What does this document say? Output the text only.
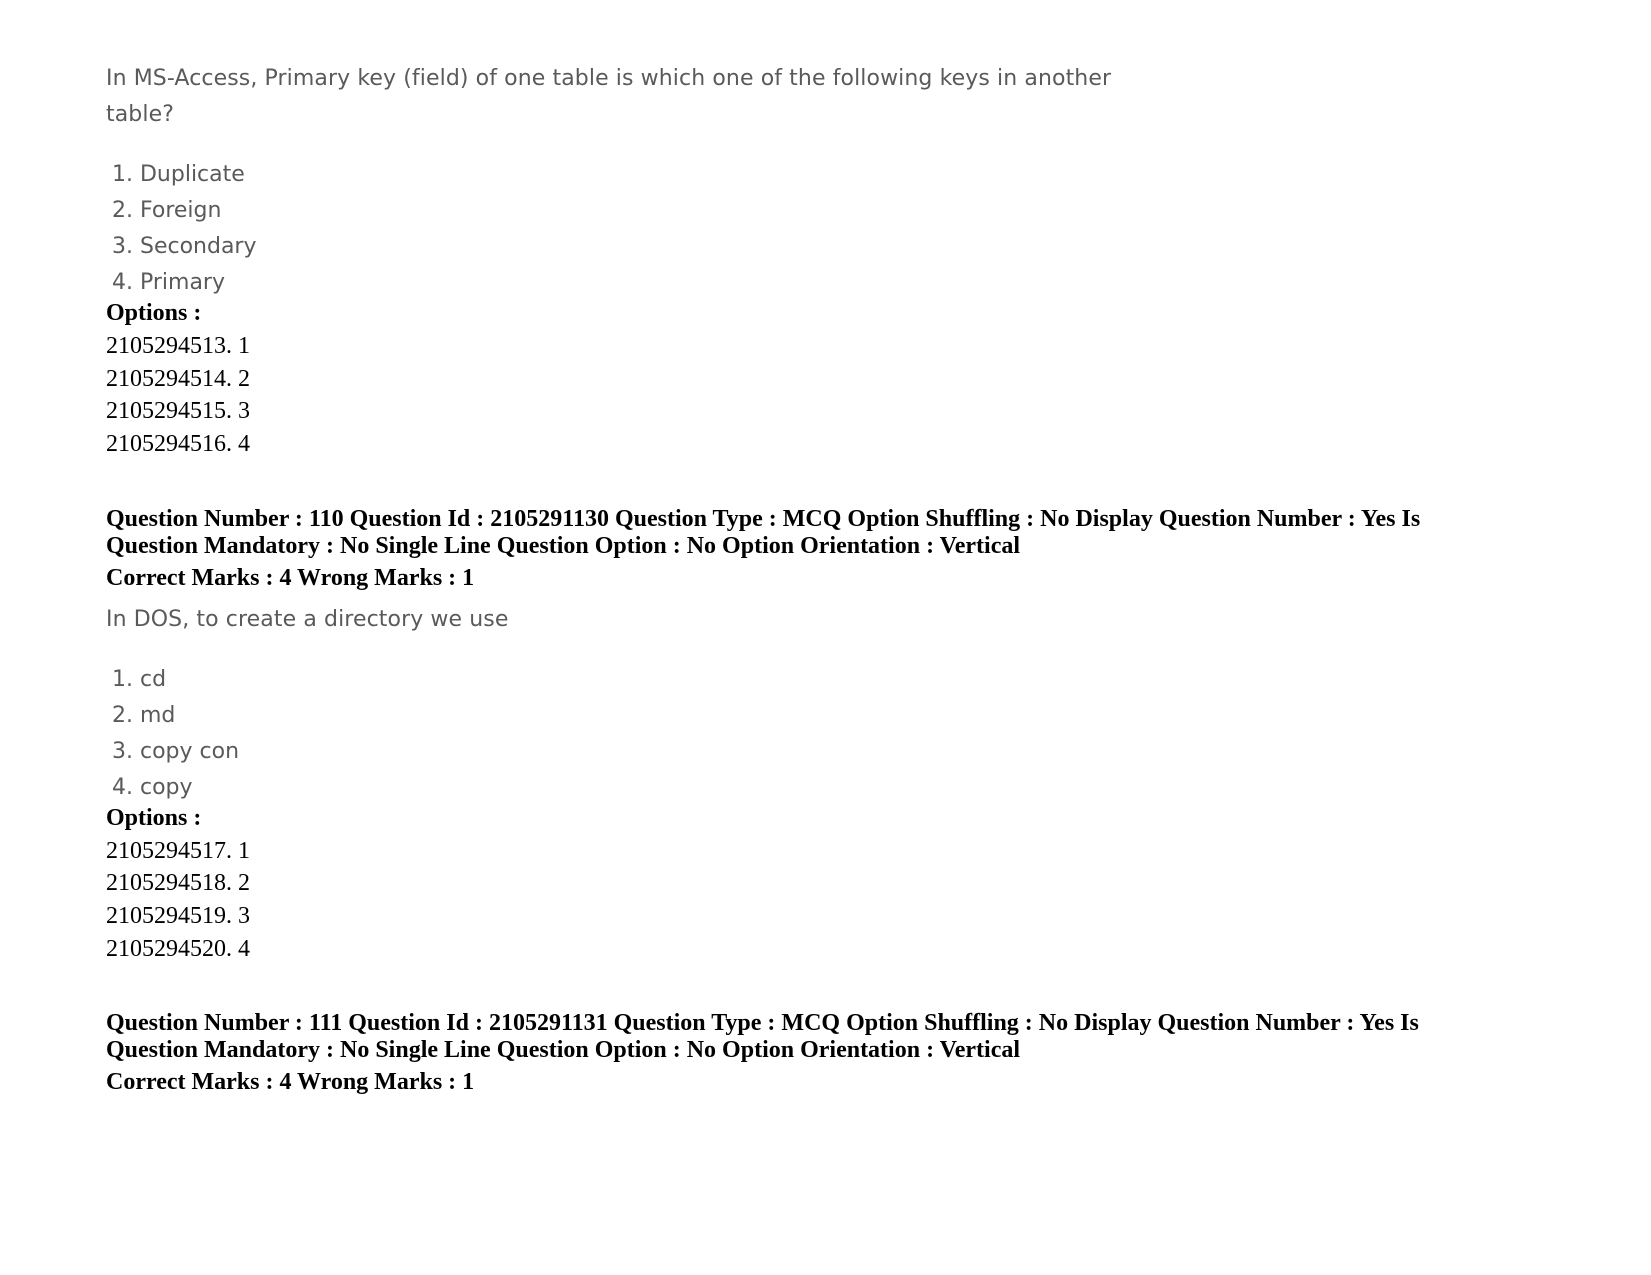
In MS-Access, Primary key (field) of one table is which one of the following keys in another
table?
1. Duplicate
2. Foreign
3. Secondary
4. Primary
Options :
2105294513. 1
2105294514. 2
2105294515. 3
2105294516. 4
Question Number : 110 Question Id : 2105291130 Question Type : MCQ Option Shuffling : No Display Question Number : Yes Is
Question Mandatory : No Single Line Question Option : No Option Orientation : Vertical
Correct Marks : 4 Wrong Marks : 1
In DOS, to create a directory we use
1. cd
2. md
3. copy con
4. copy
Options :
2105294517. 1
2105294518. 2
2105294519. 3
2105294520. 4
Question Number : 111 Question Id : 2105291131 Question Type : MCQ Option Shuffling : No Display Question Number : Yes Is
Question Mandatory : No Single Line Question Option : No Option Orientation : Vertical
Correct Marks : 4 Wrong Marks : 1
